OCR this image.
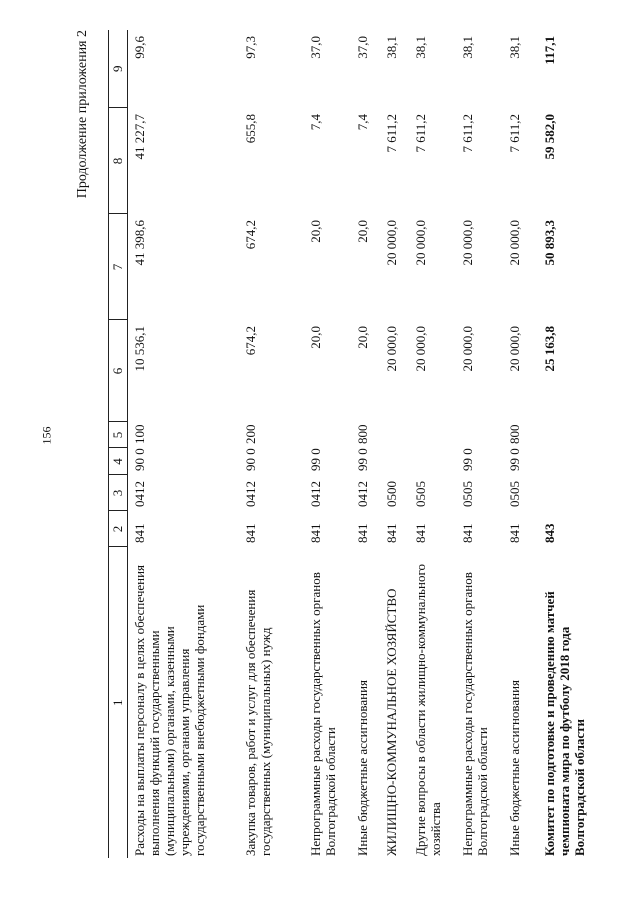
156
Продолжение приложения 2
1	2	3	4	5	6	7	8	9
Расходы на выплаты персоналу в целях обеспечения выполнения функций государственными (муниципальными) органами, казенными учреждениями, органами управления государственными внебюджетными фондами	841	0412	90 0	100	10 536,1	41 398,6	41 227,7	99,6
Закупка товаров, работ и услуг для обеспечения государственных (муниципальных) нужд	841	0412	90 0	200	674,2	674,2	655,8	97,3
Непрограммные расходы государственных органов Волгоградской области	841	0412	99 0		20,0	20,0	7,4	37,0
Иные бюджетные ассигнования	841	0412	99 0	800	20,0	20,0	7,4	37,0
ЖИЛИЩНО-КОММУНАЛЬНОЕ ХОЗЯЙСТВО	841	0500			20 000,0	20 000,0	7 611,2	38,1
Другие вопросы в области жилищно-коммунального хозяйства	841	0505			20 000,0	20 000,0	7 611,2	38,1
Непрограммные расходы государственных органов Волгоградской области	841	0505	99 0		20 000,0	20 000,0	7 611,2	38,1
Иные бюджетные ассигнования	841	0505	99 0	800	20 000,0	20 000,0	7 611,2	38,1
Комитет по подготовке и проведению матчей чемпионата мира по футболу 2018 года Волгоградской области	843				25 163,8	50 893,3	59 582,0	117,1
